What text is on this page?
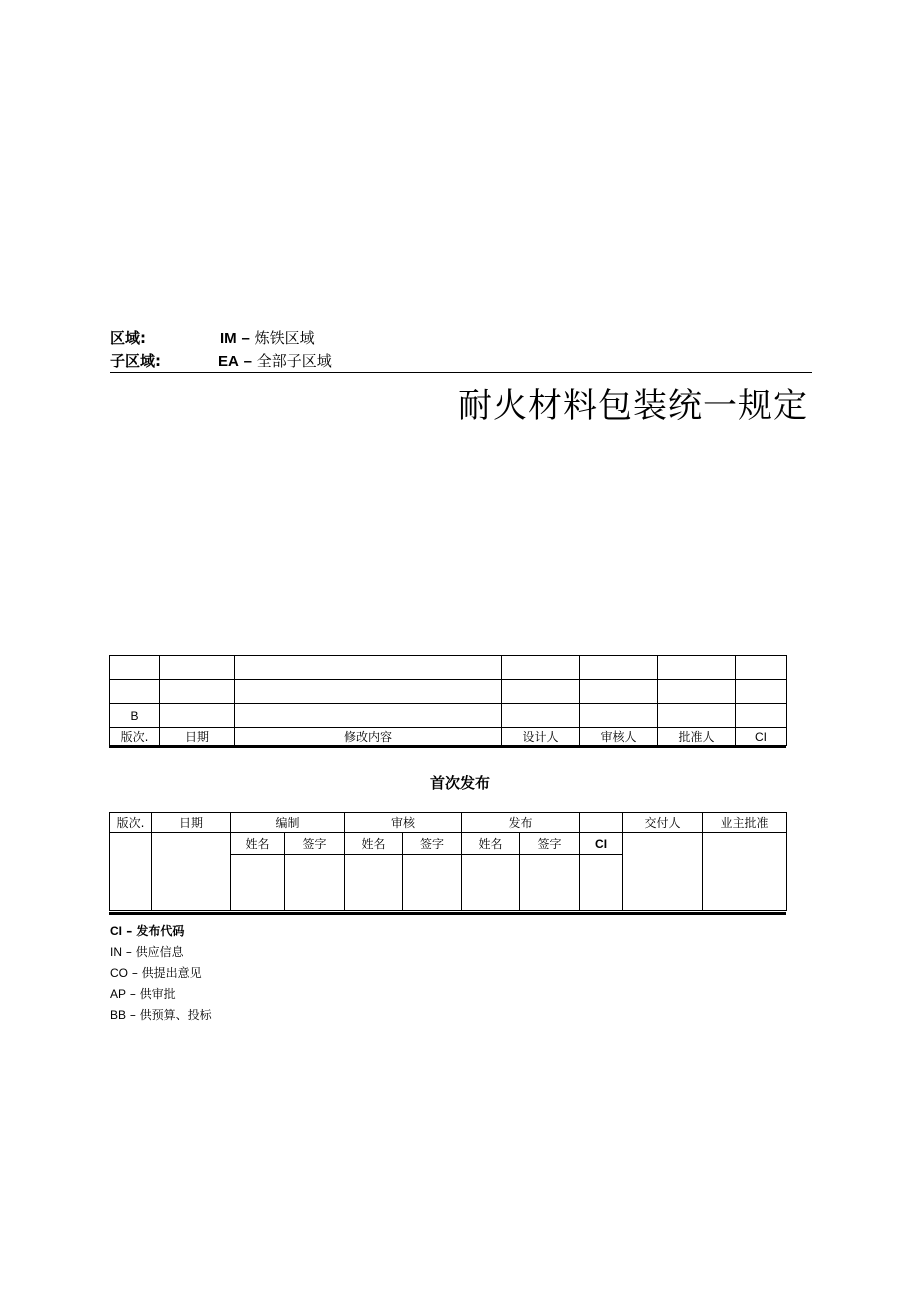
区域:	IM – 炼铁区域
子区域:	EA – 全部子区域
耐火材料包装统一规定

B						
版次.	日期	修改内容	设计人	审核人	批准人	CI
首次发布
版次.	日期	编制		审核		发布			交付人	业主批准
		姓名	签字	姓名	签字	姓名	签字	CI		

CI – 发布代码
IN – 供应信息
CO – 供提出意见
AP – 供审批
BB – 供预算、投标
